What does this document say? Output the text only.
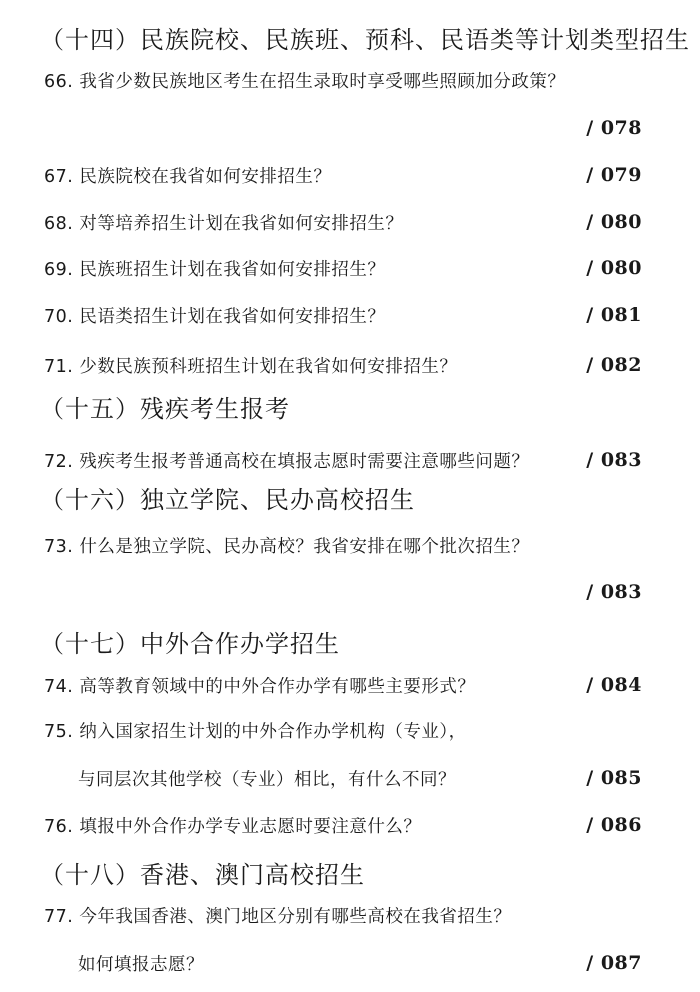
（十四）民族院校、民族班、预科、民语类等计划类型招生
66. 我省少数民族地区考生在招生录取时享受哪些照顾加分政策？
/ 078
67. 民族院校在我省如何安排招生？	/ 079
68. 对等培养招生计划在我省如何安排招生？	/ 080
69. 民族班招生计划在我省如何安排招生？	/ 080
70. 民语类招生计划在我省如何安排招生？	/ 081
71. 少数民族预科班招生计划在我省如何安排招生？	/ 082
（十五）残疾考生报考
72. 残疾考生报考普通高校在填报志愿时需要注意哪些问题？	/ 083
（十六）独立学院、民办高校招生
73. 什么是独立学院、民办高校？我省安排在哪个批次招生？
/ 083
（十七）中外合作办学招生
74. 高等教育领域中的中外合作办学有哪些主要形式？	/ 084
75. 纳入国家招生计划的中外合作办学机构（专业），
与同层次其他学校（专业）相比，有什么不同？	/ 085
76. 填报中外合作办学专业志愿时要注意什么？	/ 086
（十八）香港、澳门高校招生
77. 今年我国香港、澳门地区分别有哪些高校在我省招生？
如何填报志愿？	/ 087
